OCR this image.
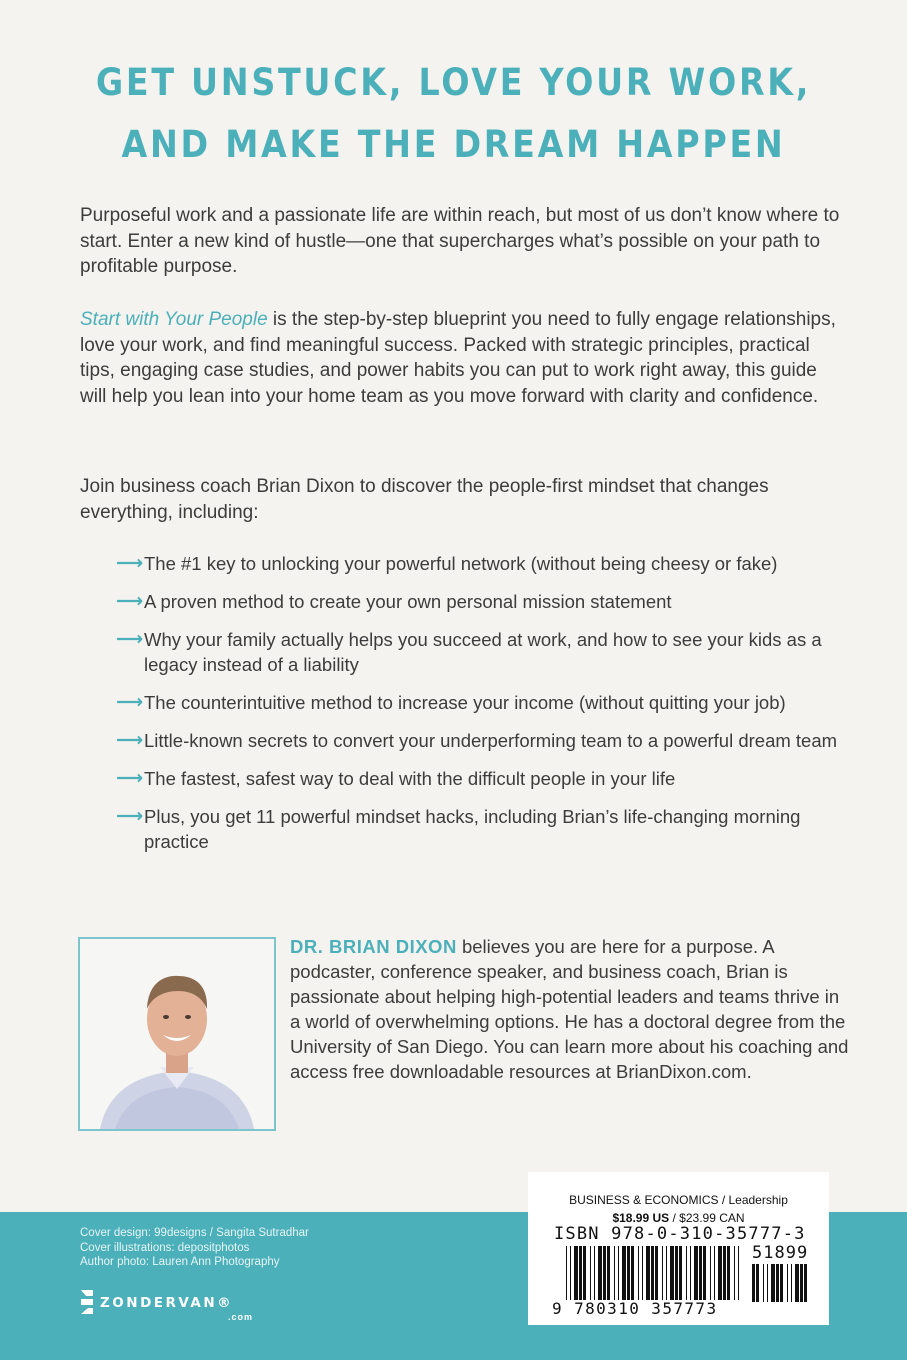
GET UNSTUCK, LOVE YOUR WORK,
AND MAKE THE DREAM HAPPEN
Purposeful work and a passionate life are within reach, but most of us don’t know where to start. Enter a new kind of hustle—one that supercharges what’s possible on your path to profitable purpose.
Start with Your People is the step-by-step blueprint you need to fully engage relationships, love your work, and find meaningful success. Packed with strategic principles, practical tips, engaging case studies, and power habits you can put to work right away, this guide will help you lean into your home team as you move forward with clarity and confidence.
Join business coach Brian Dixon to discover the people-first mindset that changes everything, including:
⟶ The #1 key to unlocking your powerful network (without being cheesy or fake)
⟶ A proven method to create your own personal mission statement
⟶ Why your family actually helps you succeed at work, and how to see your kids as a legacy instead of a liability
⟶ The counterintuitive method to increase your income (without quitting your job)
⟶ Little-known secrets to convert your underperforming team to a powerful dream team
⟶ The fastest, safest way to deal with the difficult people in your life
⟶ Plus, you get 11 powerful mindset hacks, including Brian’s life-changing morning practice
DR. BRIAN DIXON believes you are here for a purpose. A podcaster, conference speaker, and business coach, Brian is passionate about helping high-potential leaders and teams thrive in a world of overwhelming options. He has a doctoral degree from the University of San Diego. You can learn more about his coaching and access free downloadable resources at BrianDixon.com.
Cover design: 99designs / Sangita Sutradhar
Cover illustrations: depositphotos
Author photo: Lauren Ann Photography
ZONDERVAN®
.com
BUSINESS & ECONOMICS / Leadership
$18.99 US / $23.99 CAN
ISBN 978-0-310-35777-3
51899
9 780310 357773
